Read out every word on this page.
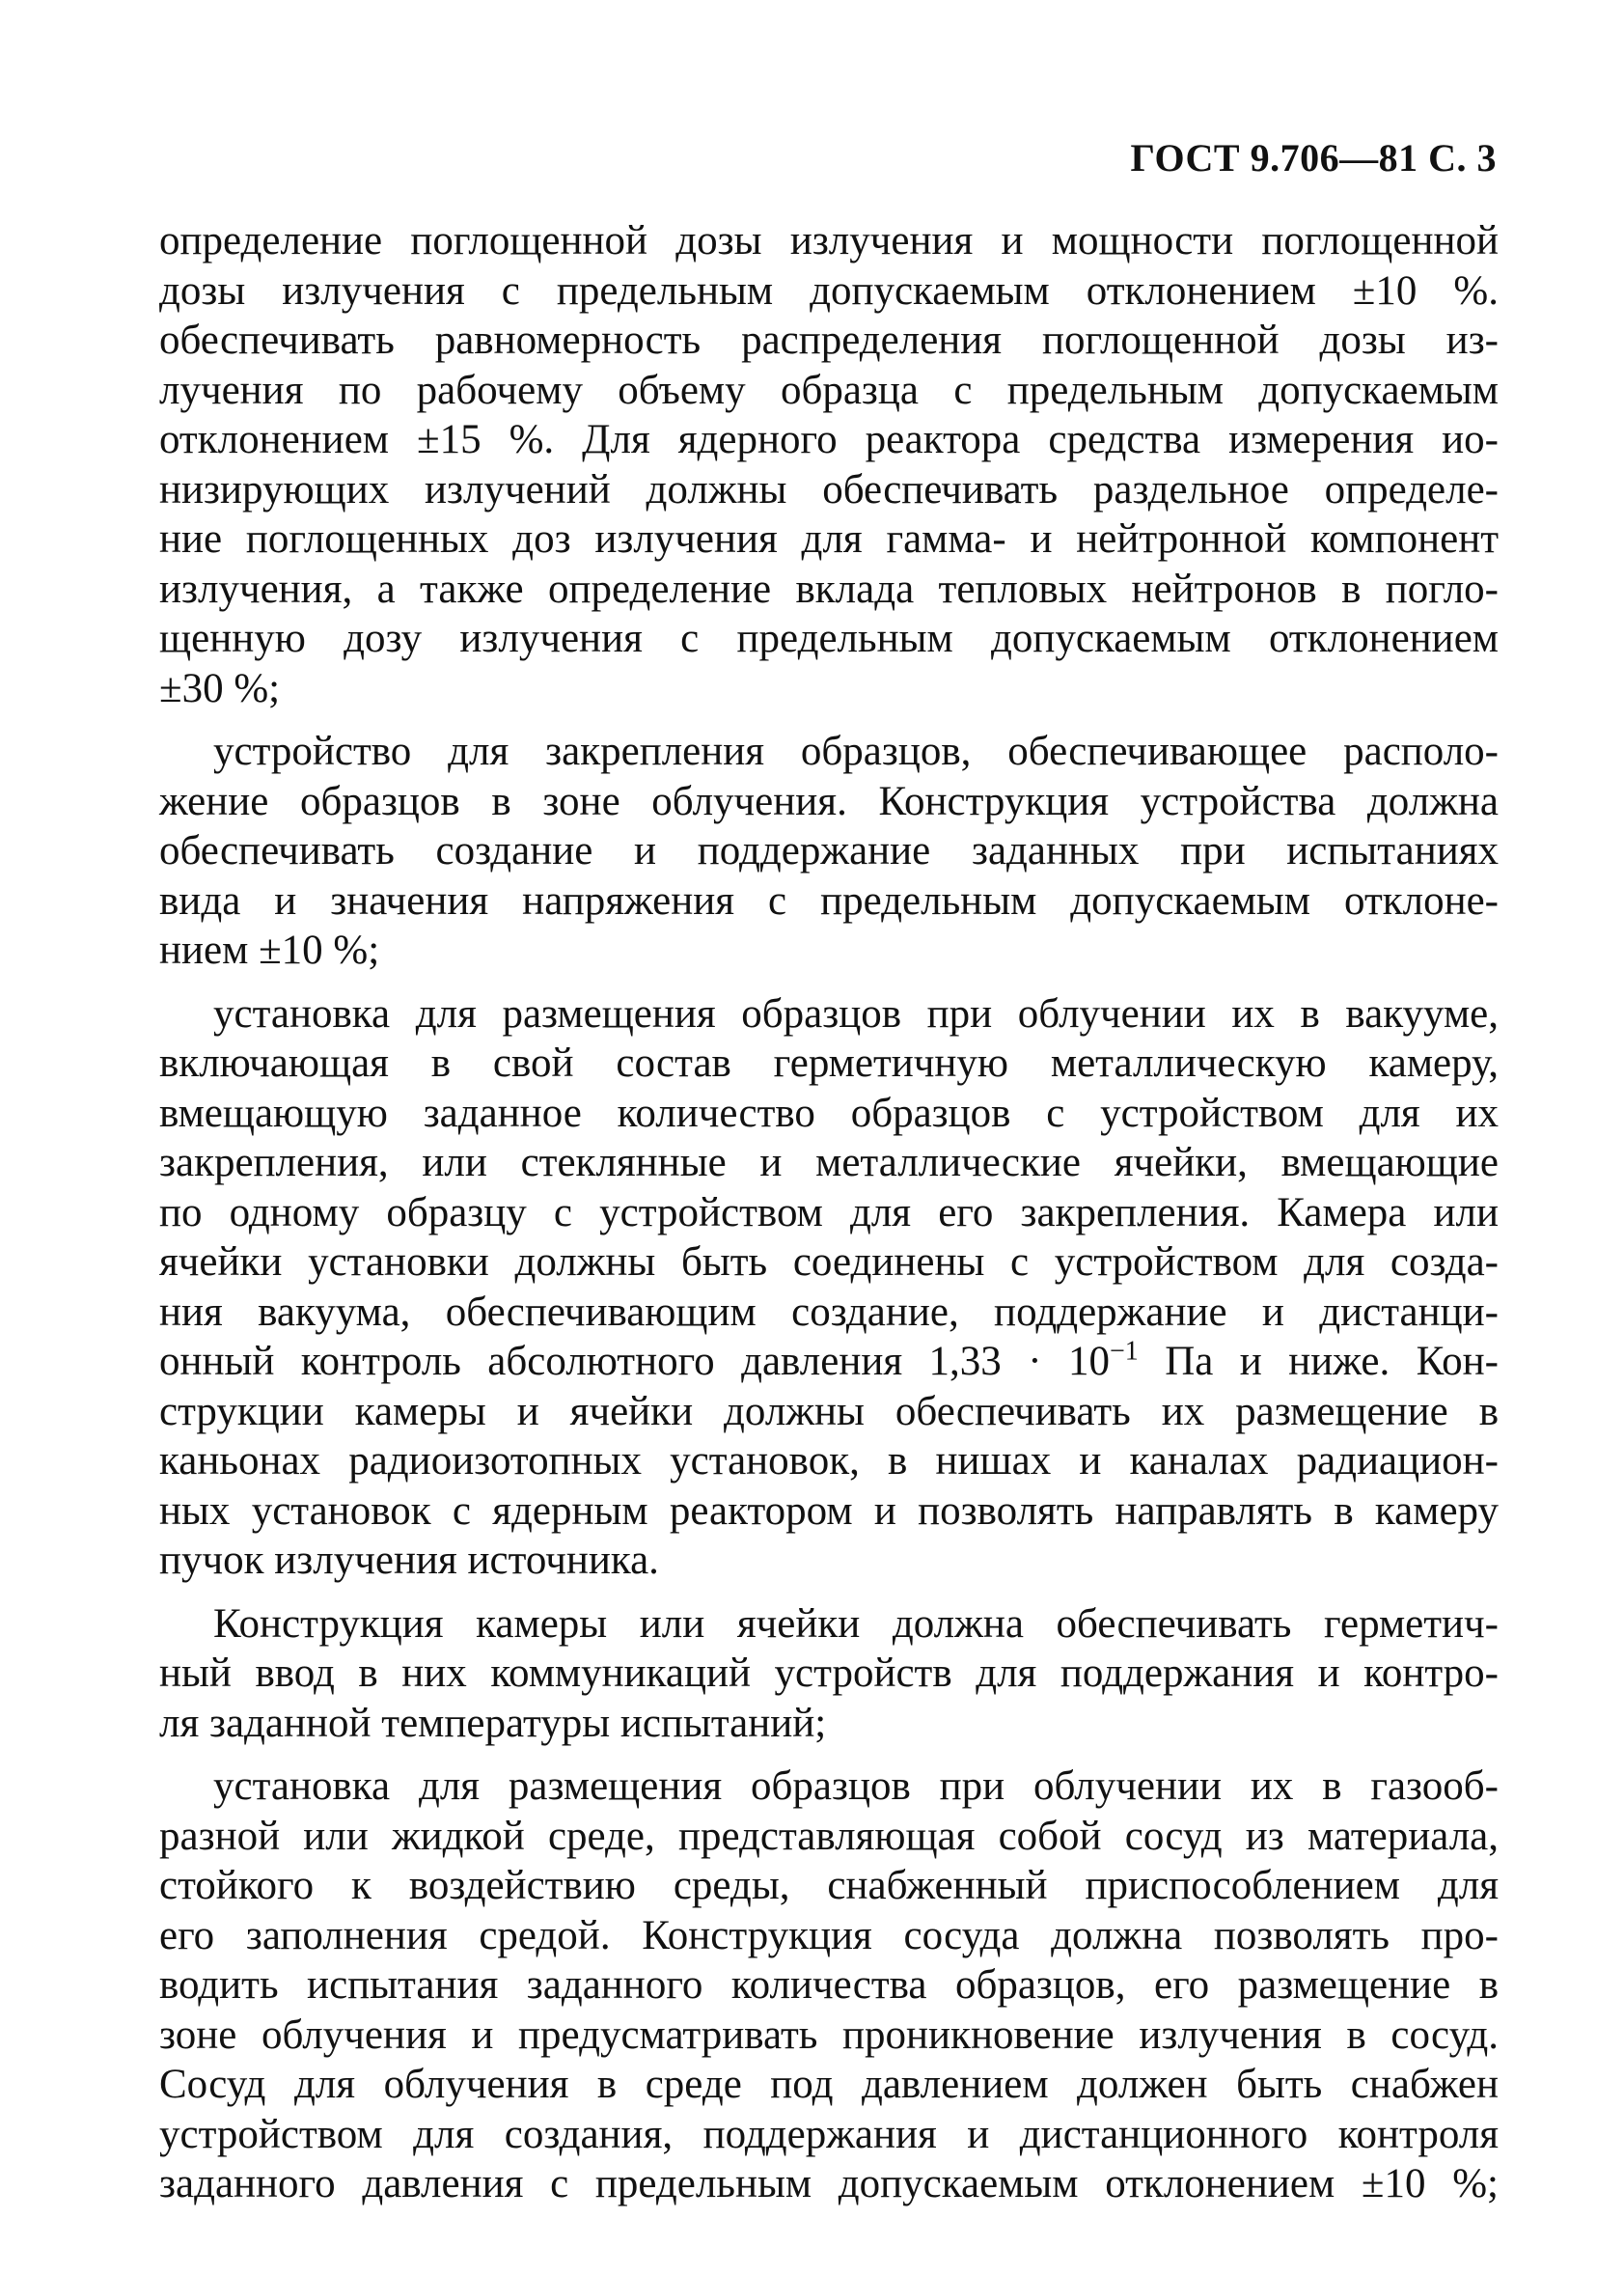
ГОСТ 9.706—81 С. 3
определение поглощенной дозы излучения и мощности поглощенной
дозы излучения с предельным допускаемым отклонением ±10 %.
обеспечивать равномерность распределения поглощенной дозы из-
лучения по рабочему объему образца с предельным допускаемым
отклонением ±15 %. Для ядерного реактора средства измерения ио-
низирующих излучений должны обеспечивать раздельное определе-
ние поглощенных доз излучения для гамма- и нейтронной компонент
излучения, а также определение вклада тепловых нейтронов в погло-
щенную дозу излучения с предельным допускаемым отклонением
±30 %;
устройство для закрепления образцов, обеспечивающее располо-
жение образцов в зоне облучения. Конструкция устройства должна
обеспечивать создание и поддержание заданных при испытаниях
вида и значения напряжения с предельным допускаемым отклоне-
нием ±10 %;
установка для размещения образцов при облучении их в вакууме,
включающая в свой состав герметичную металлическую камеру,
вмещающую заданное количество образцов с устройством для их
закрепления, или стеклянные и металлические ячейки, вмещающие
по одному образцу с устройством для его закрепления. Камера или
ячейки установки должны быть соединены с устройством для созда-
ния вакуума, обеспечивающим создание, поддержание и дистанци-
онный контроль абсолютного давления $1,33 \cdot 10^{-1}$ Па и ниже. Кон-
струкции камеры и ячейки должны обеспечивать их размещение в
каньонах радиоизотопных установок, в нишах и каналах радиацион-
ных установок с ядерным реактором и позволять направлять в камеру
пучок излучения источника.
Конструкция камеры или ячейки должна обеспечивать герметич-
ный ввод в них коммуникаций устройств для поддержания и контро-
ля заданной температуры испытаний;
установка для размещения образцов при облучении их в газооб-
разной или жидкой среде, представляющая собой сосуд из материала,
стойкого к воздействию среды, снабженный приспособлением для
его заполнения средой. Конструкция сосуда должна позволять про-
водить испытания заданного количества образцов, его размещение в
зоне облучения и предусматривать проникновение излучения в сосуд.
Сосуд для облучения в среде под давлением должен быть снабжен
устройством для создания, поддержания и дистанционного контроля
заданного давления с предельным допускаемым отклонением ±10 %;
